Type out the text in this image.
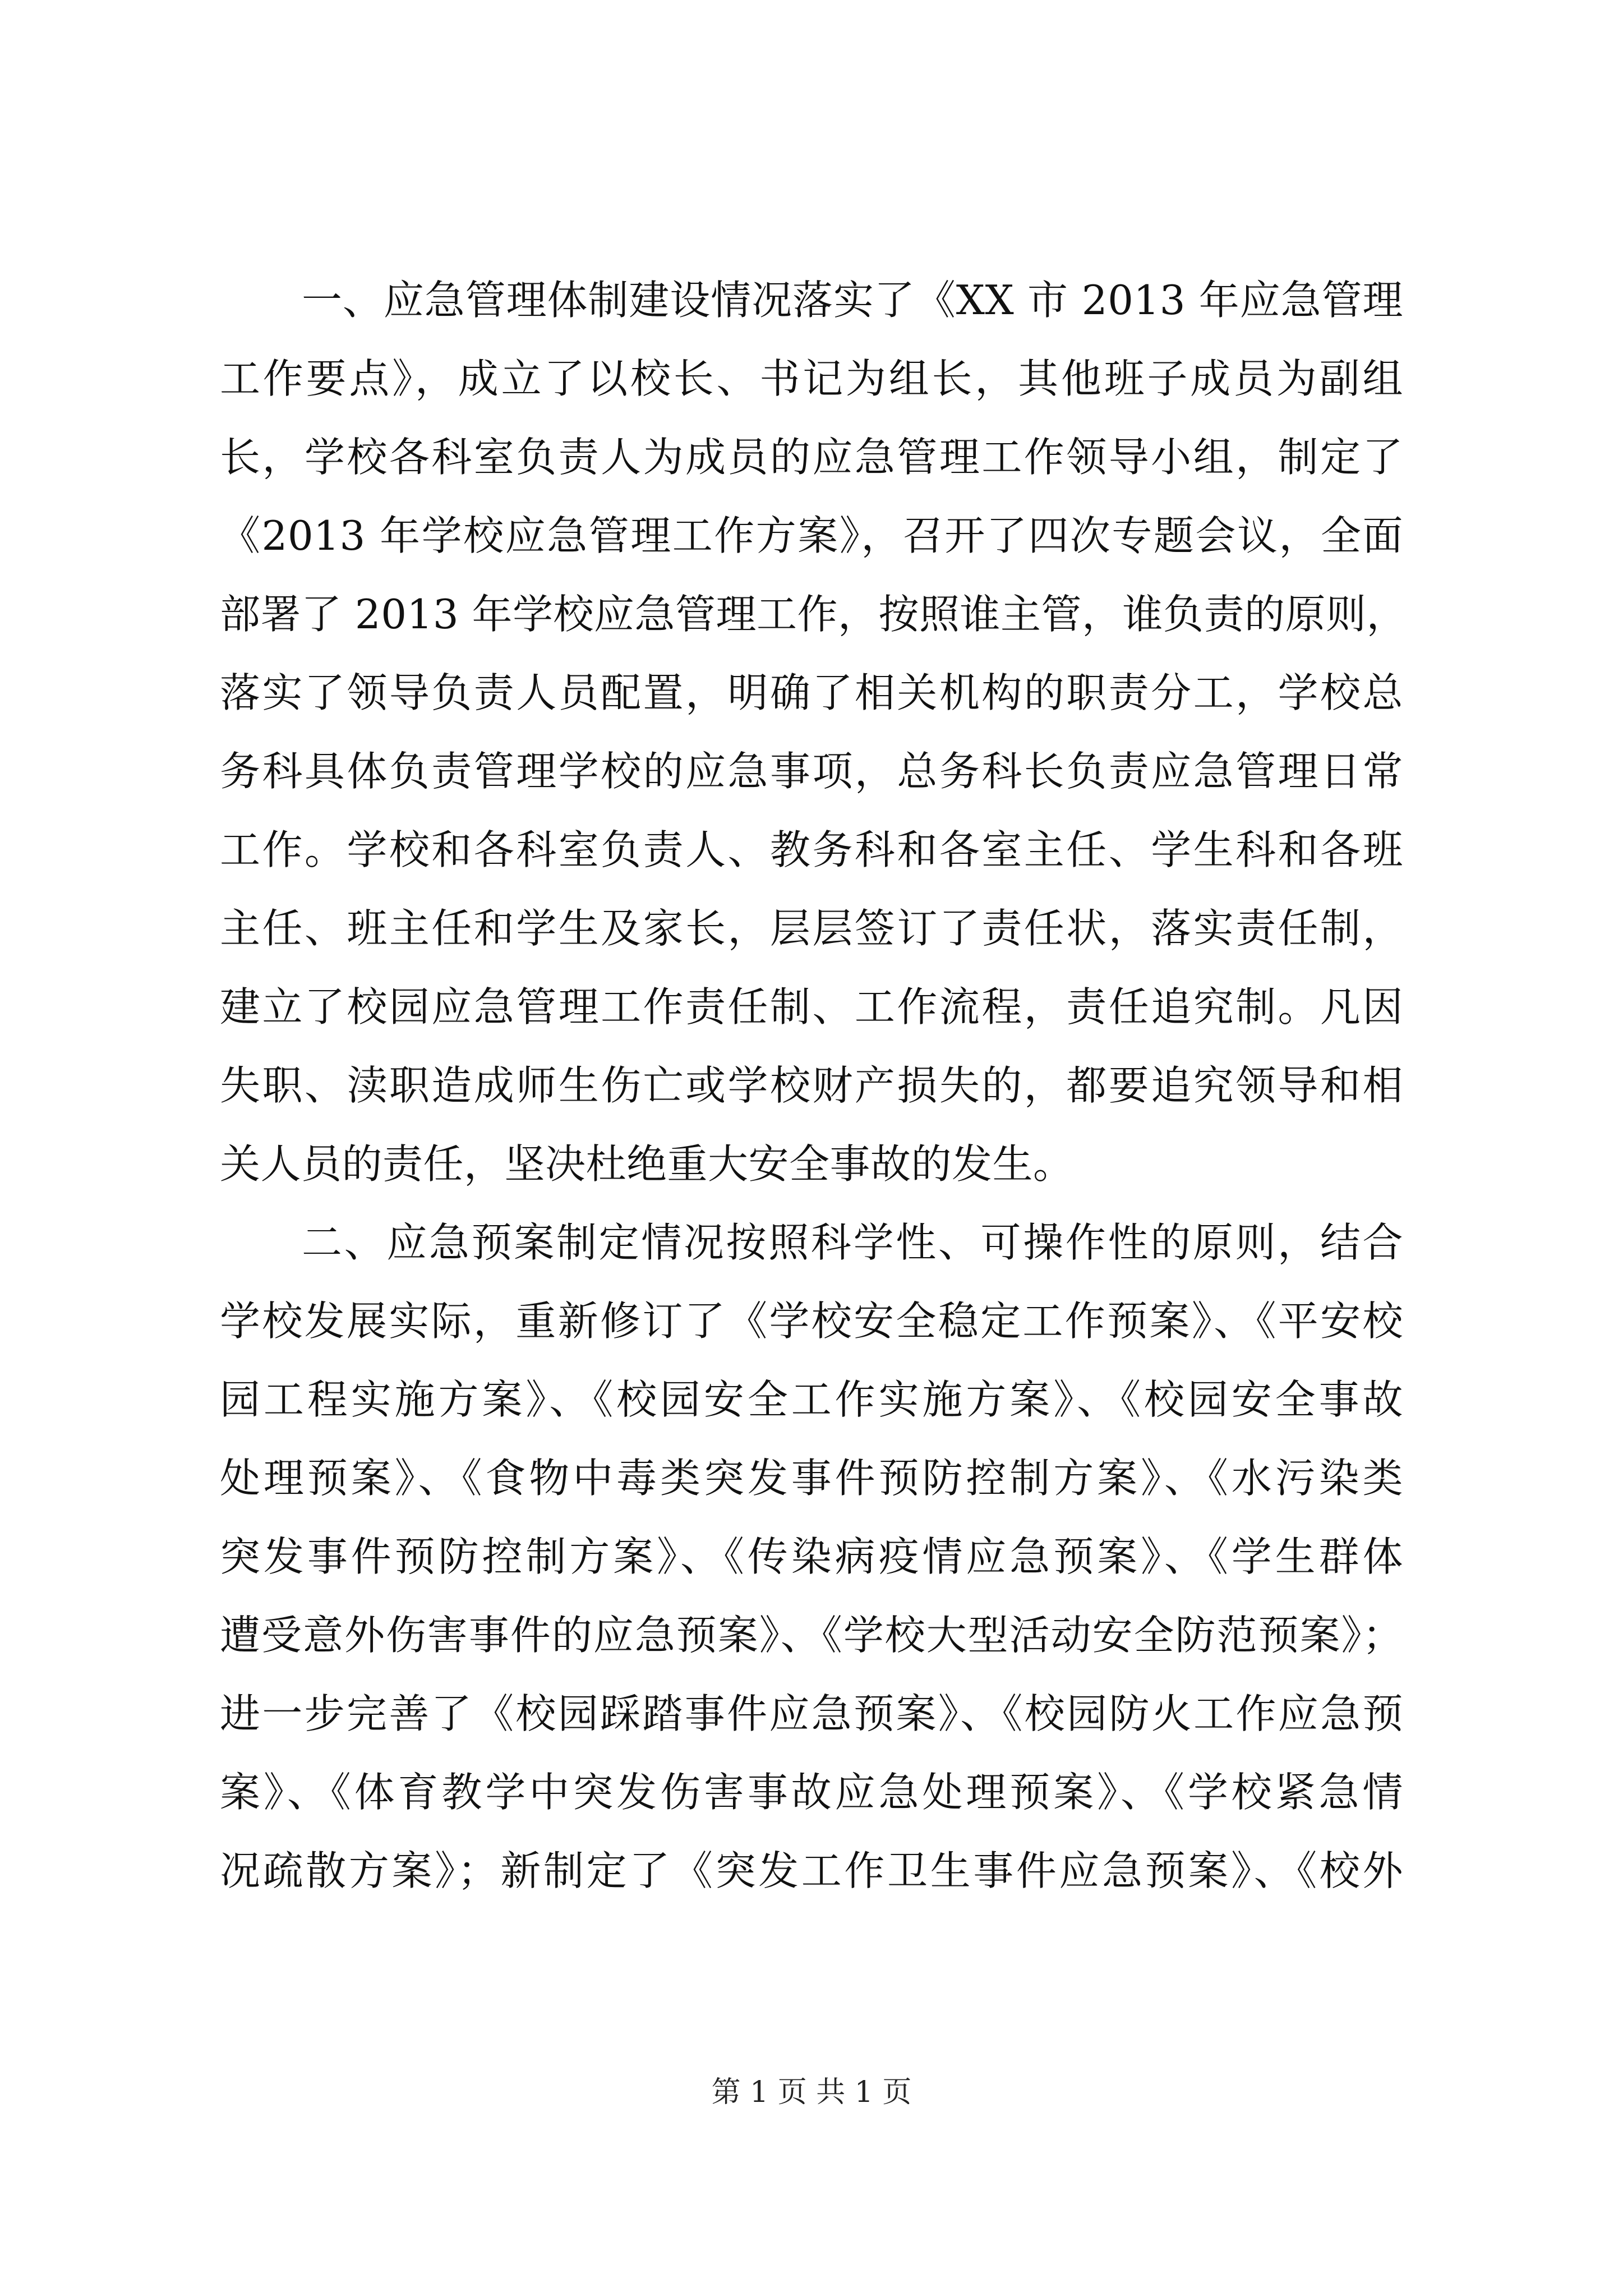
一、应急管理体制建设情况落实了《XX 市 2013 年应急管理
工作要点》，成立了以校长、书记为组长，其他班子成员为副组
长，学校各科室负责人为成员的应急管理工作领导小组，制定了
《2013 年学校应急管理工作方案》，召开了四次专题会议，全面
部署了 2013 年学校应急管理工作，按照谁主管，谁负责的原则，
落实了领导负责人员配置，明确了相关机构的职责分工，学校总
务科具体负责管理学校的应急事项，总务科长负责应急管理日常
工作。学校和各科室负责人、教务科和各室主任、学生科和各班
主任、班主任和学生及家长，层层签订了责任状，落实责任制，
建立了校园应急管理工作责任制、工作流程，责任追究制。凡因
失职、渎职造成师生伤亡或学校财产损失的，都要追究领导和相
关人员的责任，坚决杜绝重大安全事故的发生。
二、应急预案制定情况按照科学性、可操作性的原则，结合
学校发展实际，重新修订了《学校安全稳定工作预案》、《平安校
园工程实施方案》、《校园安全工作实施方案》、《校园安全事故
处理预案》、《食物中毒类突发事件预防控制方案》、《水污染类
突发事件预防控制方案》、《传染病疫情应急预案》、《学生群体
遭受意外伤害事件的应急预案》、《学校大型活动安全防范预案》；
进一步完善了《校园踩踏事件应急预案》、《校园防火工作应急预
案》、《体育教学中突发伤害事故应急处理预案》、《学校紧急情
况疏散方案》；新制定了《突发工作卫生事件应急预案》、《校外
第 1 页 共 1 页
